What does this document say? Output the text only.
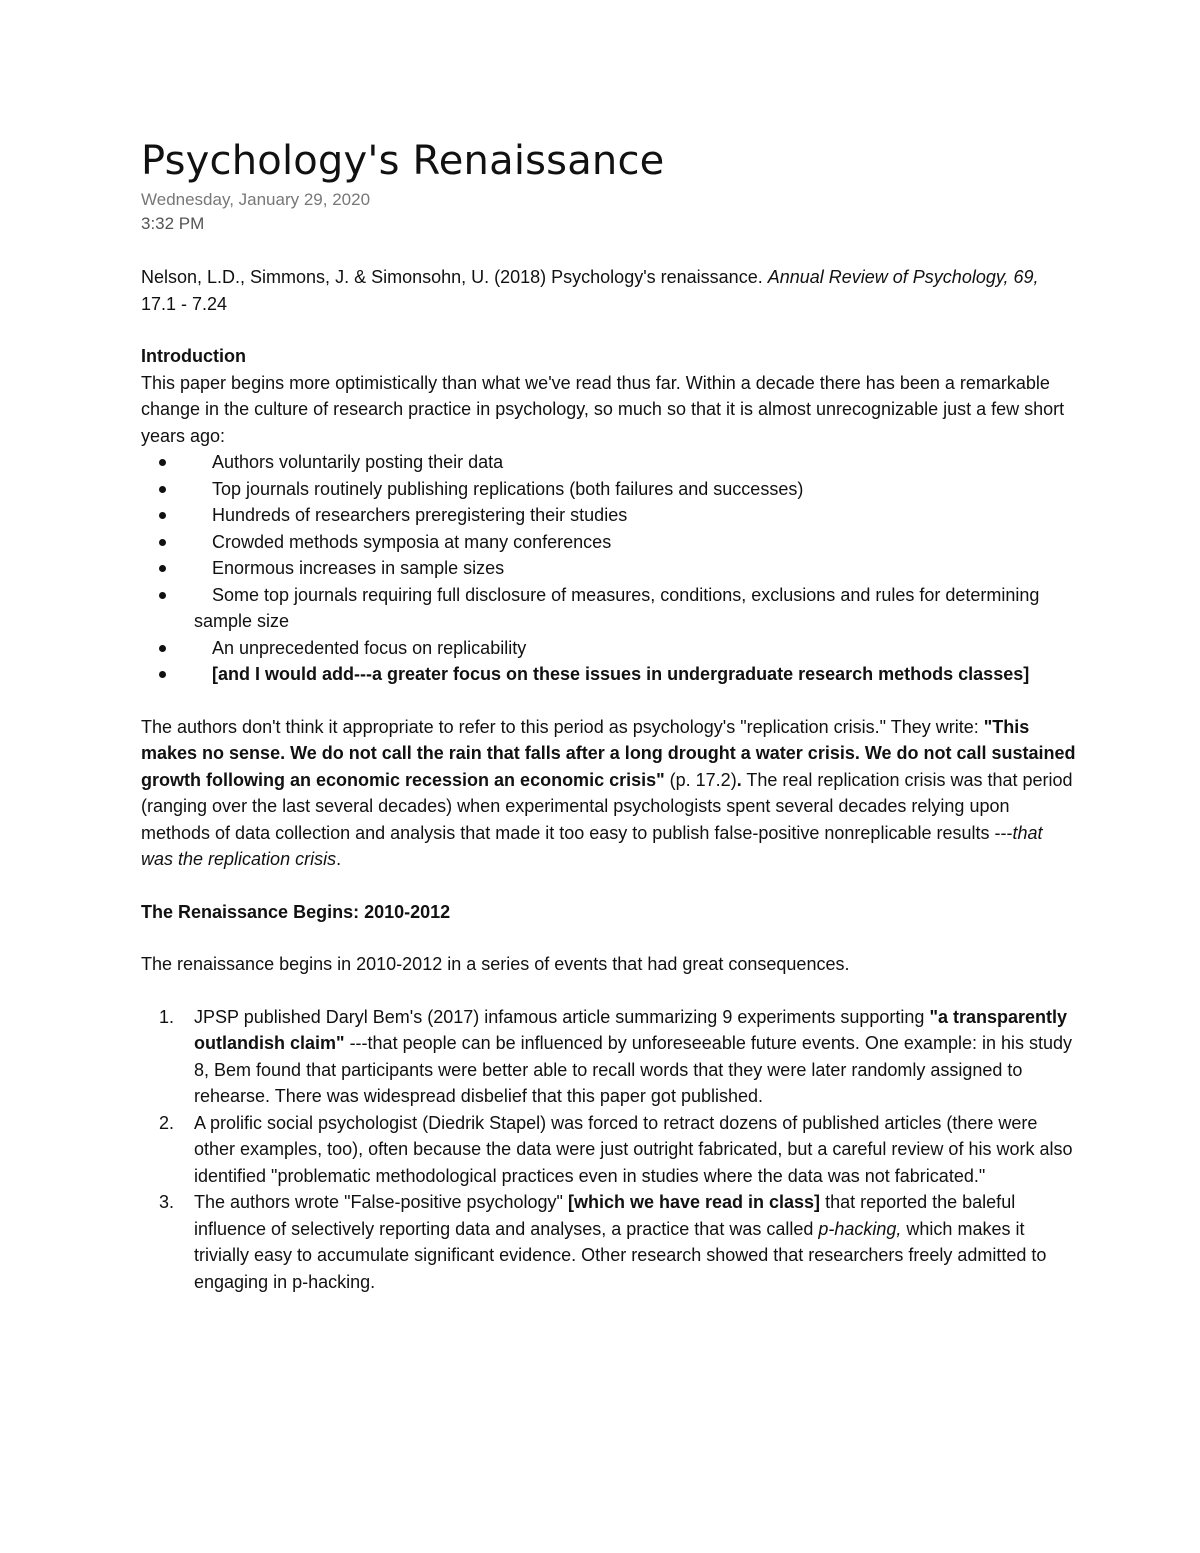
Psychology's Renaissance
Wednesday, January 29, 2020
3:32 PM

Nelson, L.D., Simmons, J. & Simonsohn, U. (2018) Psychology's renaissance. Annual Review of Psychology, 69, 17.1 - 7.24

Introduction

This paper begins more optimistically than what we've read thus far. Within a decade there has been a remarkable change in the culture of research practice in psychology, so much so that it is almost unrecognizable just a few short years ago:

Authors voluntarily posting their data
Top journals routinely publishing replications (both failures and successes)
Hundreds of researchers preregistering their studies
Crowded methods symposia at many conferences
Enormous increases in sample sizes
Some top journals requiring full disclosure of measures, conditions, exclusions and rules for determining sample size
An unprecedented focus on replicability
[and I would add---a greater focus on these issues in undergraduate research methods classes]

The authors don't think it appropriate to refer to this period as psychology's "replication crisis." They write: "This makes no sense. We do not call the rain that falls after a long drought a water crisis. We do not call sustained growth following an economic recession an economic crisis" (p. 17.2). The real replication crisis was that period (ranging over the last several decades) when experimental psychologists spent several decades relying upon methods of data collection and analysis that made it too easy to publish false-positive nonreplicable results ---that was the replication crisis.

The Renaissance Begins: 2010-2012

The renaissance begins in 2010-2012 in a series of events that had great consequences.

1.	JPSP published Daryl Bem's (2017) infamous article summarizing 9 experiments supporting "a transparently outlandish claim" ---that people can be influenced by unforeseeable future events. One example: in his study 8, Bem found that participants were better able to recall words that they were later randomly assigned to rehearse. There was widespread disbelief that this paper got published.
2.	A prolific social psychologist (Diedrik Stapel) was forced to retract dozens of published articles (there were other examples, too), often because the data were just outright fabricated, but a careful review of his work also identified "problematic methodological practices even in studies where the data was not fabricated."
3.	The authors wrote "False-positive psychology" [which we have read in class] that reported the baleful influence of selectively reporting data and analyses, a practice that was called p-hacking, which makes it trivially easy to accumulate significant evidence. Other research showed that researchers freely admitted to engaging in p-hacking.
